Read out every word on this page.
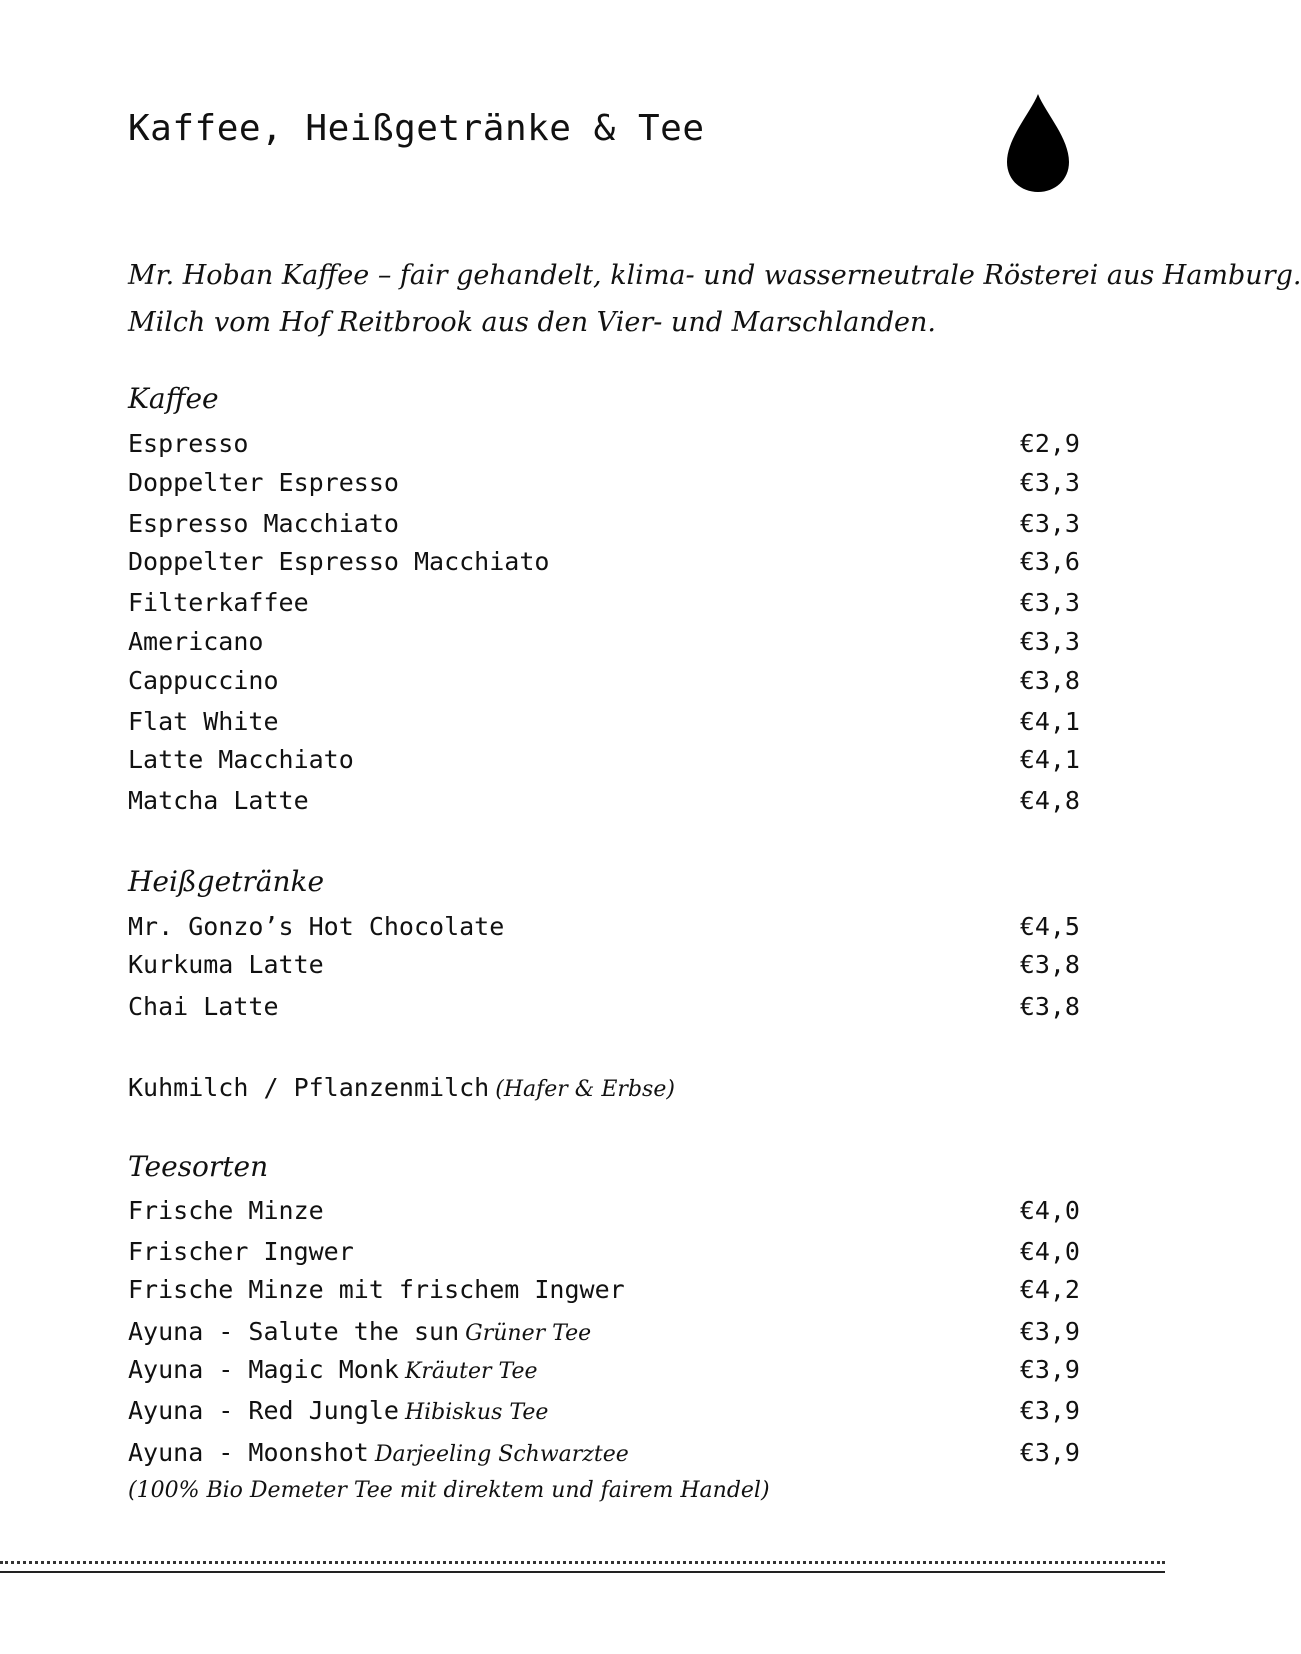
Kaffee, Heißgetränke & Tee
Mr. Hoban Kaffee – fair gehandelt, klima- und wasserneutrale Rösterei aus Hamburg.
Milch vom Hof Reitbrook aus den Vier- und Marschlanden.
Kaffee
Espresso	€2,9
Doppelter Espresso	€3,3
Espresso Macchiato	€3,3
Doppelter Espresso Macchiato	€3,6
Filterkaffee	€3,3
Americano	€3,3
Cappuccino	€3,8
Flat White	€4,1
Latte Macchiato	€4,1
Matcha Latte	€4,8
Heißgetränke
Mr. Gonzo’s Hot Chocolate	€4,5
Kurkuma Latte	€3,8
Chai Latte	€3,8
Kuhmilch / Pflanzenmilch (Hafer & Erbse)
Teesorten
Frische Minze	€4,0
Frischer Ingwer	€4,0
Frische Minze mit frischem Ingwer	€4,2
Ayuna - Salute the sun Grüner Tee	€3,9
Ayuna - Magic Monk Kräuter Tee	€3,9
Ayuna - Red Jungle Hibiskus Tee	€3,9
Ayuna - Moonshot Darjeeling Schwarztee	€3,9
(100% Bio Demeter Tee mit direktem und fairem Handel)
